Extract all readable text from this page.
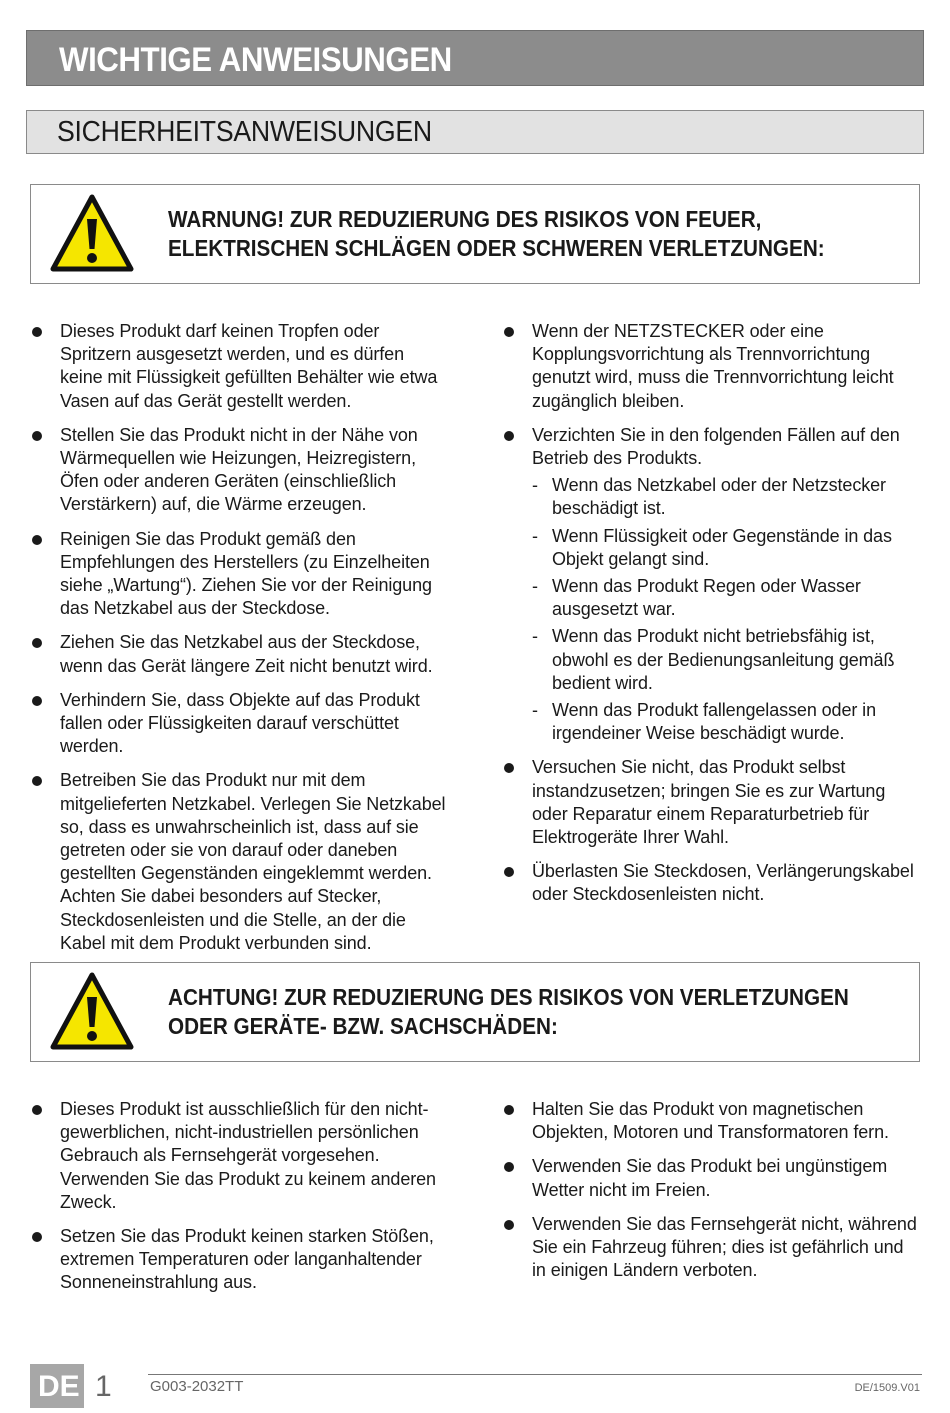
WICHTIGE ANWEISUNGEN
SICHERHEITSANWEISUNGEN
WARNUNG! ZUR REDUZIERUNG DES RISIKOS VON FEUER,
ELEKTRISCHEN SCHLÄGEN ODER SCHWEREN VERLETZUNGEN:
Dieses Produkt darf keinen Tropfen oder Spritzern ausgesetzt werden, und es dürfen keine mit Flüssigkeit gefüllten Behälter wie etwa Vasen auf das Gerät gestellt werden.
Stellen Sie das Produkt nicht in der Nähe von Wärmequellen wie Heizungen, Heizregistern, Öfen oder anderen Geräten (einschließlich Verstärkern) auf, die Wärme erzeugen.
Reinigen Sie das Produkt gemäß den Empfehlungen des Herstellers (zu Einzelheiten siehe „Wartung“). Ziehen Sie vor der Reinigung das Netzkabel aus der Steckdose.
Ziehen Sie das Netzkabel aus der Steckdose, wenn das Gerät längere Zeit nicht benutzt wird.
Verhindern Sie, dass Objekte auf das Produkt fallen oder Flüssigkeiten darauf verschüttet werden.
Betreiben Sie das Produkt nur mit dem mitgelieferten Netzkabel. Verlegen Sie Netzkabel so, dass es unwahrscheinlich ist, dass auf sie getreten oder sie von darauf oder daneben gestellten Gegenständen eingeklemmt werden. Achten Sie dabei besonders auf Stecker, Steckdosenleisten und die Stelle, an der die Kabel mit dem Produkt verbunden sind.
Wenn der NETZSTECKER oder eine Kopplungsvorrichtung als Trennvorrichtung genutzt wird, muss die Trennvorrichtung leicht zugänglich bleiben.
Verzichten Sie in den folgenden Fällen auf den Betrieb des Produkts.
- Wenn das Netzkabel oder der Netzstecker beschädigt ist.
- Wenn Flüssigkeit oder Gegenstände in das Objekt gelangt sind.
- Wenn das Produkt Regen oder Wasser ausgesetzt war.
- Wenn das Produkt nicht betriebsfähig ist, obwohl es der Bedienungsanleitung gemäß bedient wird.
- Wenn das Produkt fallengelassen oder in irgendeiner Weise beschädigt wurde.
Versuchen Sie nicht, das Produkt selbst instandzusetzen; bringen Sie es zur Wartung oder Reparatur einem Reparaturbetrieb für Elektrogeräte Ihrer Wahl.
Überlasten Sie Steckdosen, Verlängerungskabel oder Steckdosenleisten nicht.
ACHTUNG! ZUR REDUZIERUNG DES RISIKOS VON VERLETZUNGEN
ODER GERÄTE- BZW. SACHSCHÄDEN:
Dieses Produkt ist ausschließlich für den nicht-gewerblichen, nicht-industriellen persönlichen Gebrauch als Fernsehgerät vorgesehen. Verwenden Sie das Produkt zu keinem anderen Zweck.
Setzen Sie das Produkt keinen starken Stößen, extremen Temperaturen oder langanhaltender Sonneneinstrahlung aus.
Halten Sie das Produkt von magnetischen Objekten, Motoren und Transformatoren fern.
Verwenden Sie das Produkt bei ungünstigem Wetter nicht im Freien.
Verwenden Sie das Fernsehgerät nicht, während Sie ein Fahrzeug führen; dies ist gefährlich und in einigen Ländern verboten.
DE 1	G003-2032TT	DE/1509.V01
